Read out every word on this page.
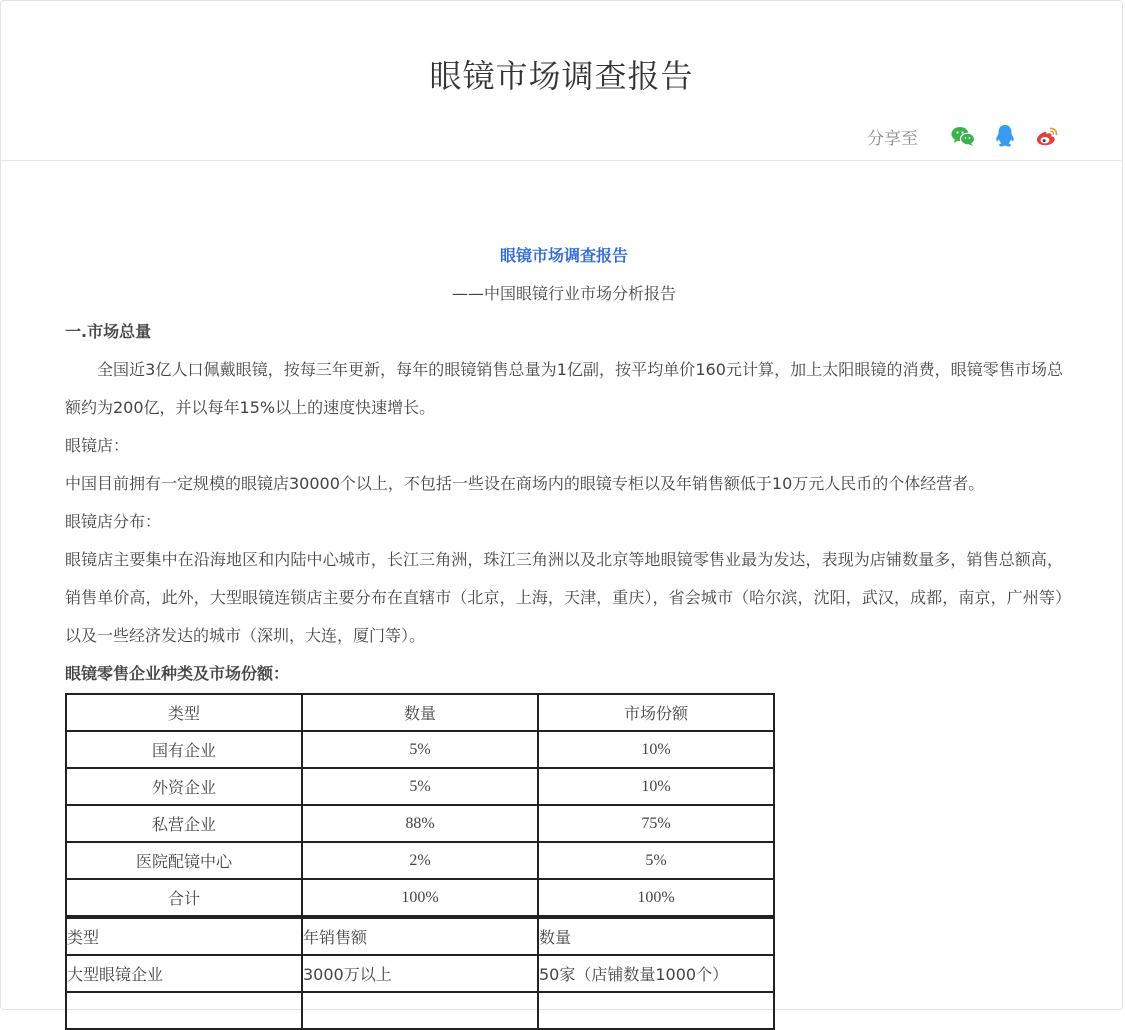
眼镜市场调查报告
分享至
眼镜市场调查报告
——中国眼镜行业市场分析报告
一.市场总量

全国近3亿人口佩戴眼镜，按每三年更新，每年的眼镜销售总量为1亿副，按平均单价160元计算，加上太阳眼镜的消费，眼镜零售市场总额约为200亿，并以每年15%以上的速度快速增长。

眼镜店：

中国目前拥有一定规模的眼镜店30000个以上，不包括一些设在商场内的眼镜专柜以及年销售额低于10万元人民币的个体经营者。

眼镜店分布：

眼镜店主要集中在沿海地区和内陆中心城市，长江三角洲，珠江三角洲以及北京等地眼镜零售业最为发达，表现为店铺数量多，销售总额高，销售单价高，此外，大型眼镜连锁店主要分布在直辖市（北京，上海，天津，重庆），省会城市（哈尔滨，沈阳，武汉，成都，南京，广州等）以及一些经济发达的城市（深圳，大连，厦门等）。

眼镜零售企业种类及市场份额：
类型	数量	市场份额
国有企业	5%	10%
外资企业	5%	10%
私营企业	88%	75%
医院配镜中心	2%	5%
合计	100%	100%
类型	年销售额	数量
大型眼镜企业	3000万以上	50家（店铺数量1000个）
